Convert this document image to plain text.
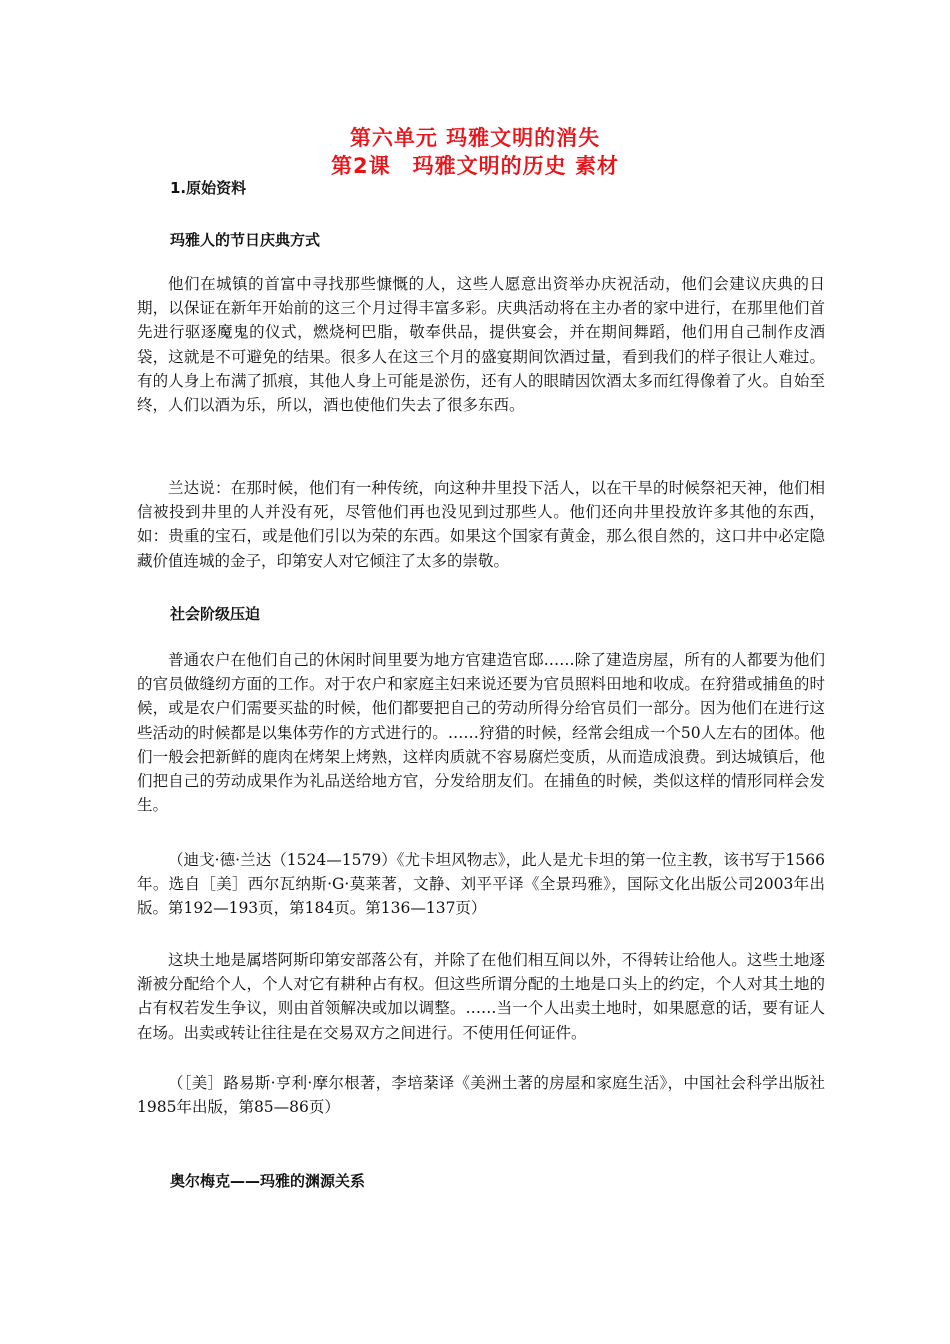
第六单元 玛雅文明的消失
第2课　玛雅文明的历史 素材
1.原始资料
玛雅人的节日庆典方式

他们在城镇的首富中寻找那些慷慨的人，这些人愿意出资举办庆祝活动，他们会建议庆典的日期，以保证在新年开始前的这三个月过得丰富多彩。庆典活动将在主办者的家中进行，在那里他们首先进行驱逐魔鬼的仪式，燃烧柯巴脂，敬奉供品，提供宴会，并在期间舞蹈，他们用自己制作皮酒袋，这就是不可避免的结果。很多人在这三个月的盛宴期间饮酒过量，看到我们的样子很让人难过。有的人身上布满了抓痕，其他人身上可能是淤伤，还有人的眼睛因饮酒太多而红得像着了火。自始至终，人们以酒为乐，所以，酒也使他们失去了很多东西。

兰达说：在那时候，他们有一种传统，向这种井里投下活人，以在干旱的时候祭祀天神，他们相信被投到井里的人并没有死，尽管他们再也没见到过那些人。他们还向井里投放许多其他的东西，如：贵重的宝石，或是他们引以为荣的东西。如果这个国家有黄金，那么很自然的，这口井中必定隐藏价值连城的金子，印第安人对它倾注了太多的崇敬。

社会阶级压迫

普通农户在他们自己的休闲时间里要为地方官建造官邸……除了建造房屋，所有的人都要为他们的官员做缝纫方面的工作。对于农户和家庭主妇来说还要为官员照料田地和收成。在狩猎或捕鱼的时候，或是农户们需要买盐的时候，他们都要把自己的劳动所得分给官员们一部分。因为他们在进行这些活动的时候都是以集体劳作的方式进行的。……狩猎的时候，经常会组成一个50人左右的团体。他们一般会把新鲜的鹿肉在烤架上烤熟，这样肉质就不容易腐烂变质，从而造成浪费。到达城镇后，他们把自己的劳动成果作为礼品送给地方官，分发给朋友们。在捕鱼的时候，类似这样的情形同样会发生。

（迪戈·德·兰达（1524—1579）《尤卡坦风物志》，此人是尤卡坦的第一位主教，该书写于1566年。选自［美］西尔瓦纳斯·G·莫莱著，文静、刘平平译《全景玛雅》，国际文化出版公司2003年出版。第192—193页，第184页。第136—137页）

这块土地是属塔阿斯印第安部落公有，并除了在他们相互间以外，不得转让给他人。这些土地逐渐被分配给个人，个人对它有耕种占有权。但这些所谓分配的土地是口头上的约定，个人对其土地的占有权若发生争议，则由首领解决或加以调整。……当一个人出卖土地时，如果愿意的话，要有证人在场。出卖或转让往往是在交易双方之间进行。不使用任何证件。

（［美］路易斯·亨利·摩尔根著，李培棻译《美洲土著的房屋和家庭生活》，中国社会科学出版社1985年出版，第85—86页）

奥尔梅克——玛雅的渊源关系
